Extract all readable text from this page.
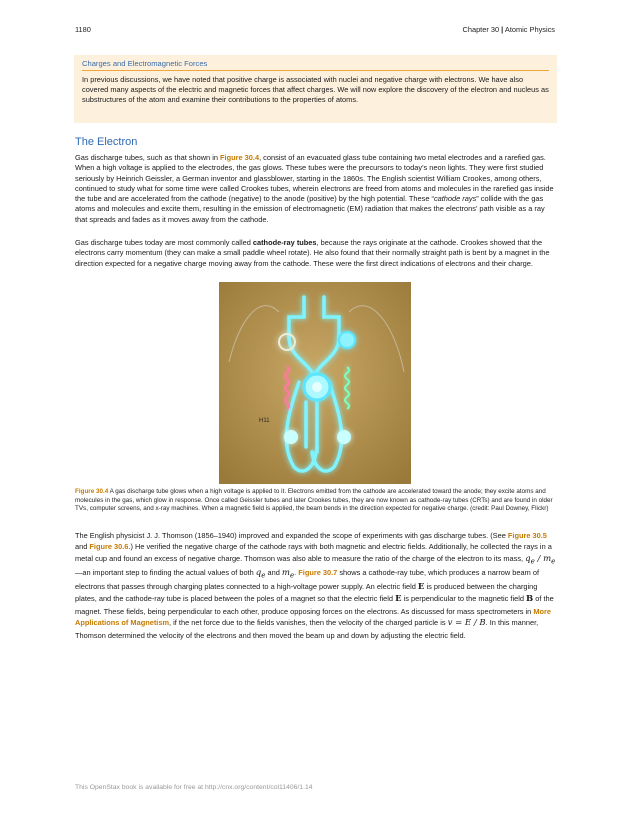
1180	Chapter 30 | Atomic Physics
Charges and Electromagnetic Forces
In previous discussions, we have noted that positive charge is associated with nuclei and negative charge with electrons. We have also covered many aspects of the electric and magnetic forces that affect charges. We will now explore the discovery of the electron and nucleus as substructures of the atom and examine their contributions to the properties of atoms.
The Electron
Gas discharge tubes, such as that shown in Figure 30.4, consist of an evacuated glass tube containing two metal electrodes and a rarefied gas. When a high voltage is applied to the electrodes, the gas glows. These tubes were the precursors to today’s neon lights. They were first studied seriously by Heinrich Geissler, a German inventor and glassblower, starting in the 1860s. The English scientist William Crookes, among others, continued to study what for some time were called Crookes tubes, wherein electrons are freed from atoms and molecules in the rarefied gas inside the tube and are accelerated from the cathode (negative) to the anode (positive) by the high potential. These “cathode rays” collide with the gas atoms and molecules and excite them, resulting in the emission of electromagnetic (EM) radiation that makes the electrons’ path visible as a ray that spreads and fades as it moves away from the cathode.
Gas discharge tubes today are most commonly called cathode-ray tubes, because the rays originate at the cathode. Crookes showed that the electrons carry momentum (they can make a small paddle wheel rotate). He also found that their normally straight path is bent by a magnet in the direction expected for a negative charge moving away from the cathode. These were the first direct indications of electrons and their charge.
H11
Figure 30.4 A gas discharge tube glows when a high voltage is applied to it. Electrons emitted from the cathode are accelerated toward the anode; they excite atoms and molecules in the gas, which glow in response. Once called Geissler tubes and later Crookes tubes, they are now known as cathode-ray tubes (CRTs) and are found in older TVs, computer screens, and x-ray machines. When a magnetic field is applied, the beam bends in the direction expected for negative charge. (credit: Paul Downey, Flickr)
The English physicist J. J. Thomson (1856–1940) improved and expanded the scope of experiments with gas discharge tubes. (See Figure 30.5 and Figure 30.6.) He verified the negative charge of the cathode rays with both magnetic and electric fields. Additionally, he collected the rays in a metal cup and found an excess of negative charge. Thomson was also able to measure the ratio of the charge of the electron to its mass, $q_e$ / $m_e—an$ important step to finding the actual values of both $q_e$ and $m_e$. Figure 30.7 shows a cathode-ray tube, which produces a narrow beam of electrons that passes through charging plates connected to a high-voltage power supply. An electric field E is produced between the charging plates, and the cathode-ray tube is placed between the poles of a magnet so that the electric field E is perpendicular to the magnetic field B of the magnet. These fields, being perpendicular to each other, produce opposing forces on the electrons. As discussed for mass spectrometers in More Applications of Magnetism, if the net force due to the fields vanishes, then the velocity of the charged particle is v = E / B. In this manner, Thomson determined the velocity of the electrons and then moved the beam up and down by adjusting the electric field.
This OpenStax book is available for free at http://cnx.org/content/col11406/1.14
